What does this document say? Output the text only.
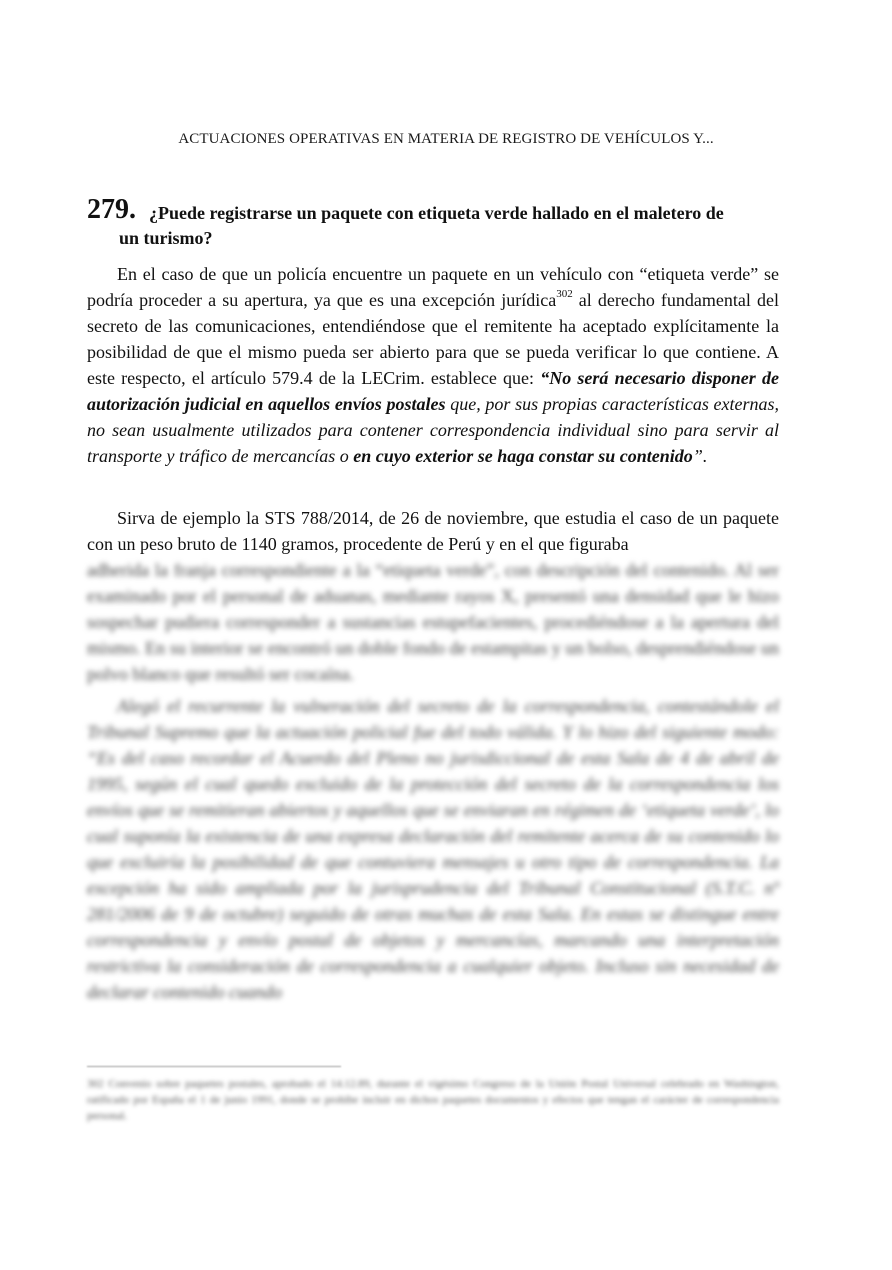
ACTUACIONES OPERATIVAS EN MATERIA DE REGISTRO DE VEHÍCULOS Y...
279. ¿Puede registrarse un paquete con etiqueta verde hallado en el maletero de
un turismo?
En el caso de que un policía encuentre un paquete en un vehículo con “etiqueta verde” se podría proceder a su apertura, ya que es una excepción jurídica$^{302}$ al derecho fundamental del secreto de las comunicaciones, entendiéndose que el remitente ha aceptado explícitamente la posibilidad de que el mismo pueda ser abierto para que se pueda verificar lo que contiene. A este respecto, el artículo 579.4 de la LECrim. establece que: “No será necesario disponer de autorización judicial en aquellos envíos postales que, por sus propias características externas, no sean usualmente utilizados para contener correspondencia individual sino para servir al transporte y tráfico de mercancías o en cuyo exterior se haga constar su contenido”.
Sirva de ejemplo la STS 788/2014, de 26 de noviembre, que estudia el caso de un paquete con un peso bruto de 1140 gramos, procedente de Perú y en el que figuraba
adherida la franja correspondiente a la “etiqueta verde”, con descripción del contenido. Al ser examinado por el personal de aduanas, mediante rayos X, presentó una densidad que le hizo sospechar pudiera corresponder a sustancias estupefacientes, procediéndose a la apertura del mismo. En su interior se encontró un doble fondo de estampitas y un bolso, desprendiéndose un polvo blanco que resultó ser cocaína.
Alegó el recurrente la vulneración del secreto de la correspondencia, contestándole el Tribunal Supremo que la actuación policial fue del todo válida. Y lo hizo del siguiente modo: “Es del caso recordar el Acuerdo del Pleno no jurisdiccional de esta Sala de 4 de abril de 1995, según el cual quedo excluido de la protección del secreto de la correspondencia los envíos que se remitieran abiertos y aquellos que se enviaran en régimen de ‘etiqueta verde’, lo cual suponía la existencia de una expresa declaración del remitente acerca de su contenido lo que excluiría la posibilidad de que contuviera mensajes u otro tipo de correspondencia. La excepción ha sido ampliada por la jurisprudencia del Tribunal Constitucional (S.T.C. nº 281/2006 de 9 de octubre) seguido de otras muchas de esta Sala. En estas se distingue entre correspondencia y envío postal de objetos y mercancías, marcando una interpretación restrictiva la consideración de correspondencia a cualquier objeto. Incluso sin necesidad de declarar contenido cuando
302 Convenio sobre paquetes postales, aprobado el 14.12.89, durante el vigésimo Congreso de la Unión Postal Universal celebrado en Washington, ratificado por España el 1 de junio 1991, donde se prohíbe incluir en dichos paquetes documentos y efectos que tengan el carácter de correspondencia personal.
